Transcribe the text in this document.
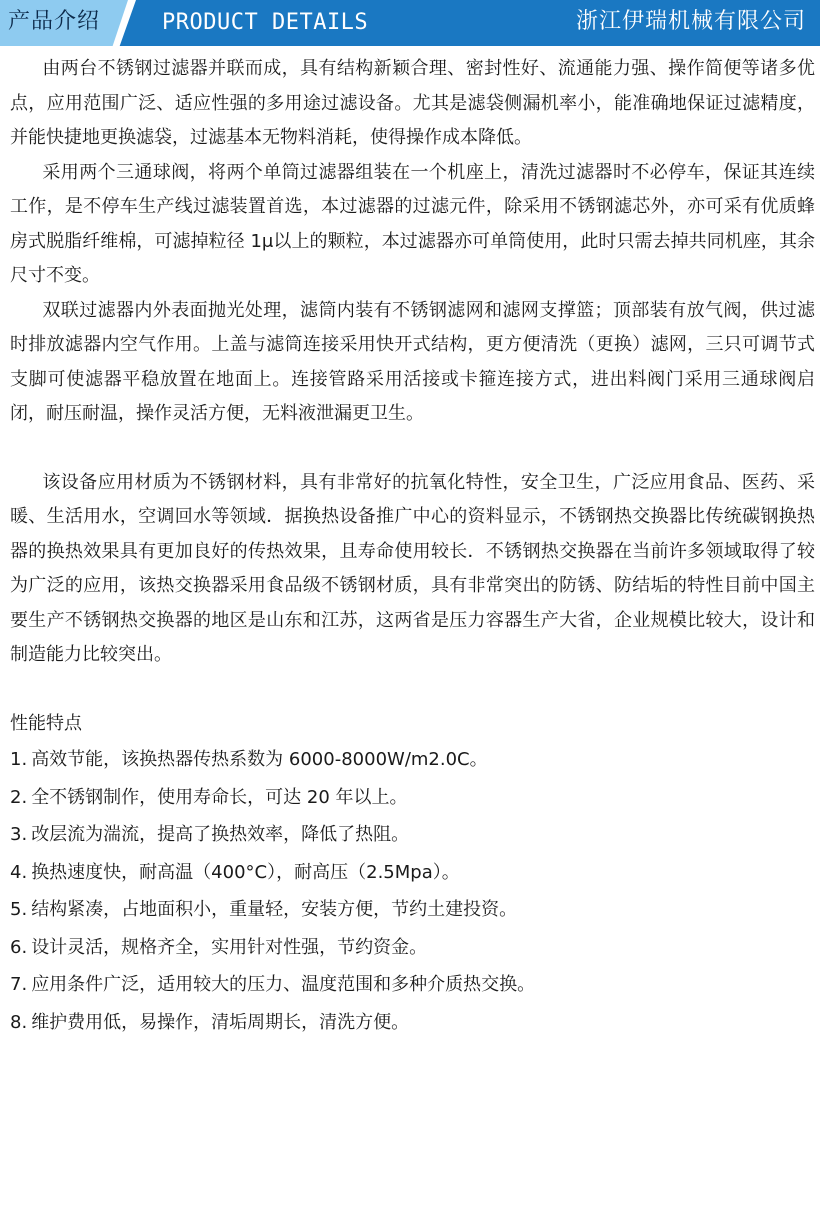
产品介绍	PRODUCT DETAILS	浙江伊瑞机械有限公司

由两台不锈钢过滤器并联而成，具有结构新颖合理、密封性好、流通能力强、操作简便等诸多优点，应用范围广泛、适应性强的多用途过滤设备。尤其是滤袋侧漏机率小，能准确地保证过滤精度，并能快捷地更换滤袋，过滤基本无物料消耗，使得操作成本降低。

采用两个三通球阀，将两个单筒过滤器组装在一个机座上，清洗过滤器时不必停车，保证其连续工作，是不停车生产线过滤装置首选，本过滤器的过滤元件，除采用不锈钢滤芯外，亦可采有优质蜂房式脱脂纤维棉，可滤掉粒径 1μ以上的颗粒，本过滤器亦可单筒使用，此时只需去掉共同机座，其余尺寸不变。

双联过滤器内外表面抛光处理，滤筒内装有不锈钢滤网和滤网支撑篮；顶部装有放气阀，供过滤时排放滤器内空气作用。上盖与滤筒连接采用快开式结构，更方便清洗（更换）滤网，三只可调节式支脚可使滤器平稳放置在地面上。连接管路采用活接或卡箍连接方式，进出料阀门采用三通球阀启闭，耐压耐温，操作灵活方便，无料液泄漏更卫生。

该设备应用材质为不锈钢材料，具有非常好的抗氧化特性，安全卫生，广泛应用食品、医药、采暖、生活用水，空调回水等领域．据换热设备推广中心的资料显示，不锈钢热交换器比传统碳钢换热器的换热效果具有更加良好的传热效果，且寿命使用较长．不锈钢热交换器在当前许多领域取得了较为广泛的应用，该热交换器采用食品级不锈钢材质，具有非常突出的防锈、防结垢的特性目前中国主要生产不锈钢热交换器的地区是山东和江苏，这两省是压力容器生产大省，企业规模比较大，设计和制造能力比较突出。

性能特点

1. 高效节能，该换热器传热系数为 6000-8000W/m2.0C。
2. 全不锈钢制作，使用寿命长，可达 20 年以上。
3. 改层流为湍流，提高了换热效率，降低了热阻。
4. 换热速度快，耐高温（400°C），耐高压（2.5Mpa）。
5. 结构紧凑，占地面积小，重量轻，安装方便，节约土建投资。
6. 设计灵活，规格齐全，实用针对性强，节约资金。
7. 应用条件广泛，适用较大的压力、温度范围和多种介质热交换。
8. 维护费用低，易操作，清垢周期长，清洗方便。
